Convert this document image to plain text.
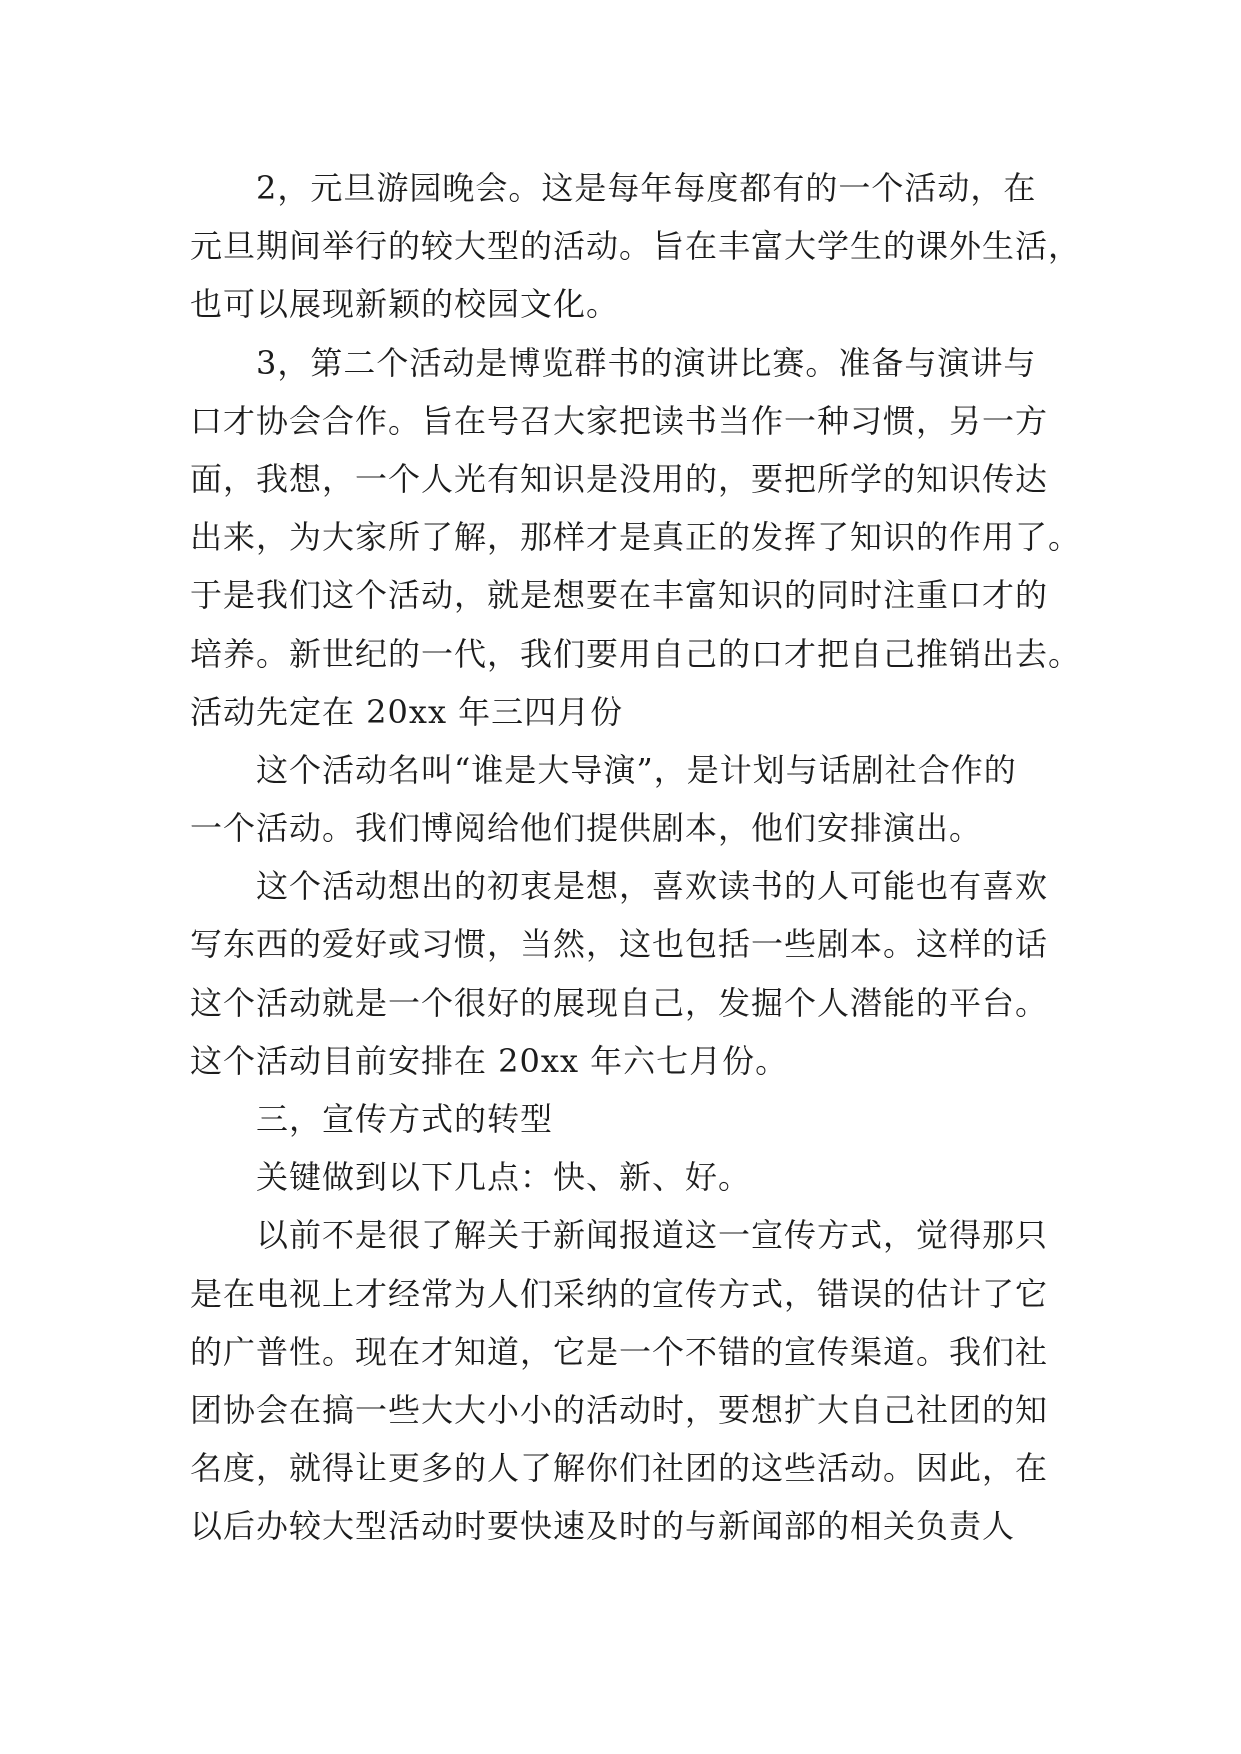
2，元旦游园晚会。这是每年每度都有的一个活动，在
元旦期间举行的较大型的活动。旨在丰富大学生的课外生活，
也可以展现新颖的校园文化。
3，第二个活动是博览群书的演讲比赛。准备与演讲与
口才协会合作。旨在号召大家把读书当作一种习惯，另一方
面，我想，一个人光有知识是没用的，要把所学的知识传达
出来，为大家所了解，那样才是真正的发挥了知识的作用了。
于是我们这个活动，就是想要在丰富知识的同时注重口才的
培养。新世纪的一代，我们要用自己的口才把自己推销出去。
活动先定在 20xx 年三四月份
这个活动名叫“谁是大导演”，是计划与话剧社合作的
一个活动。我们博阅给他们提供剧本，他们安排演出。
这个活动想出的初衷是想，喜欢读书的人可能也有喜欢
写东西的爱好或习惯，当然，这也包括一些剧本。这样的话
这个活动就是一个很好的展现自己，发掘个人潜能的平台。
这个活动目前安排在 20xx 年六七月份。
三，宣传方式的转型
关键做到以下几点：快、新、好。
以前不是很了解关于新闻报道这一宣传方式，觉得那只
是在电视上才经常为人们采纳的宣传方式，错误的估计了它
的广普性。现在才知道，它是一个不错的宣传渠道。我们社
团协会在搞一些大大小小的活动时，要想扩大自己社团的知
名度，就得让更多的人了解你们社团的这些活动。因此，在
以后办较大型活动时要快速及时的与新闻部的相关负责人
